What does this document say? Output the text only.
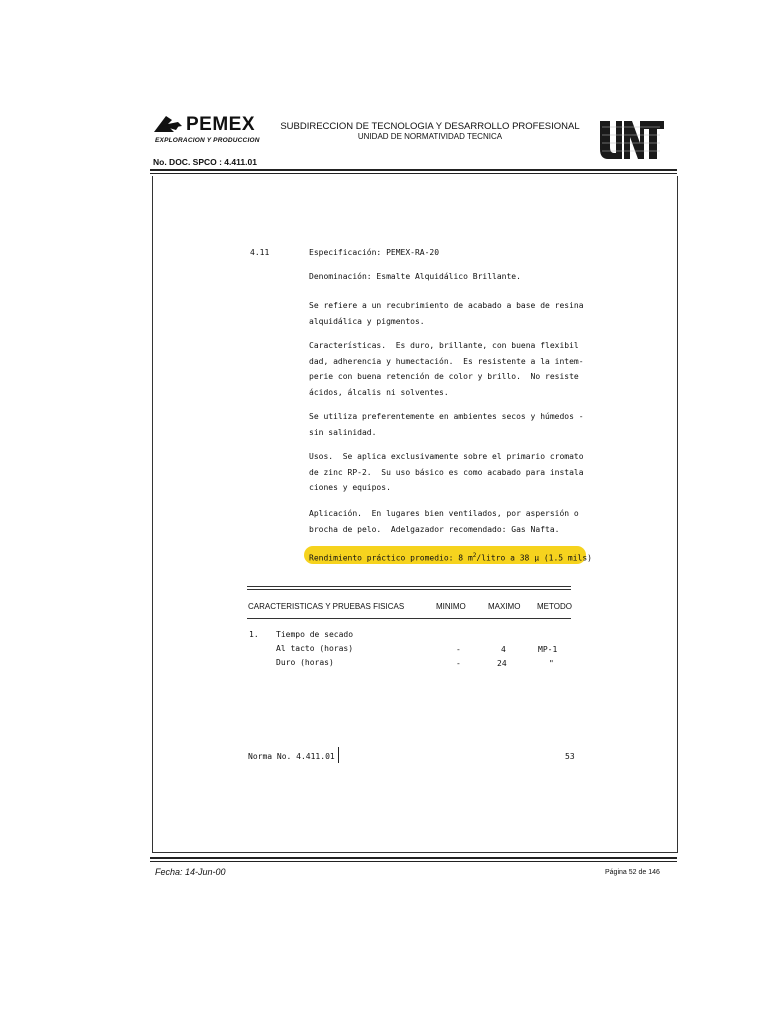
PEMEX
EXPLORACION Y PRODUCCION
SUBDIRECCION DE TECNOLOGIA Y DESARROLLO PROFESIONAL
UNIDAD DE NORMATIVIDAD TECNICA
No. DOC. SPCO : 4.411.01
4.11	Especificación: PEMEX-RA-20
Denominación: Esmalte Alquidálico Brillante.
Se refiere a un recubrimiento de acabado a base de resina
alquidálica y pigmentos.
Características.  Es duro, brillante, con buena flexibil
dad, adherencia y humectación.  Es resistente a la intem-
perie con buena retención de color y brillo.  No resiste
ácidos, álcalis ni solventes.
Se utiliza preferentemente en ambientes secos y húmedos -
sin salinidad.
Usos.  Se aplica exclusivamente sobre el primario cromato
de zinc RP-2.  Su uso básico es como acabado para instala
ciones y equipos.
Aplicación.  En lugares bien ventilados, por aspersión o
brocha de pelo.  Adelgazador recomendado: Gas Nafta.
Rendimiento práctico promedio: 8 $m^2$/litro a 38 μ (1.5 mils)
CARACTERISTICAS Y PRUEBAS FISICAS	MINIMO	MAXIMO METODO
1. Tiempo de secado
Al tacto (horas)	-	4	MP-1
Duro (horas)	-	24	"
Norma No. 4.411.01	53
Fecha: 14-Jun-00	Página 52 de 146
